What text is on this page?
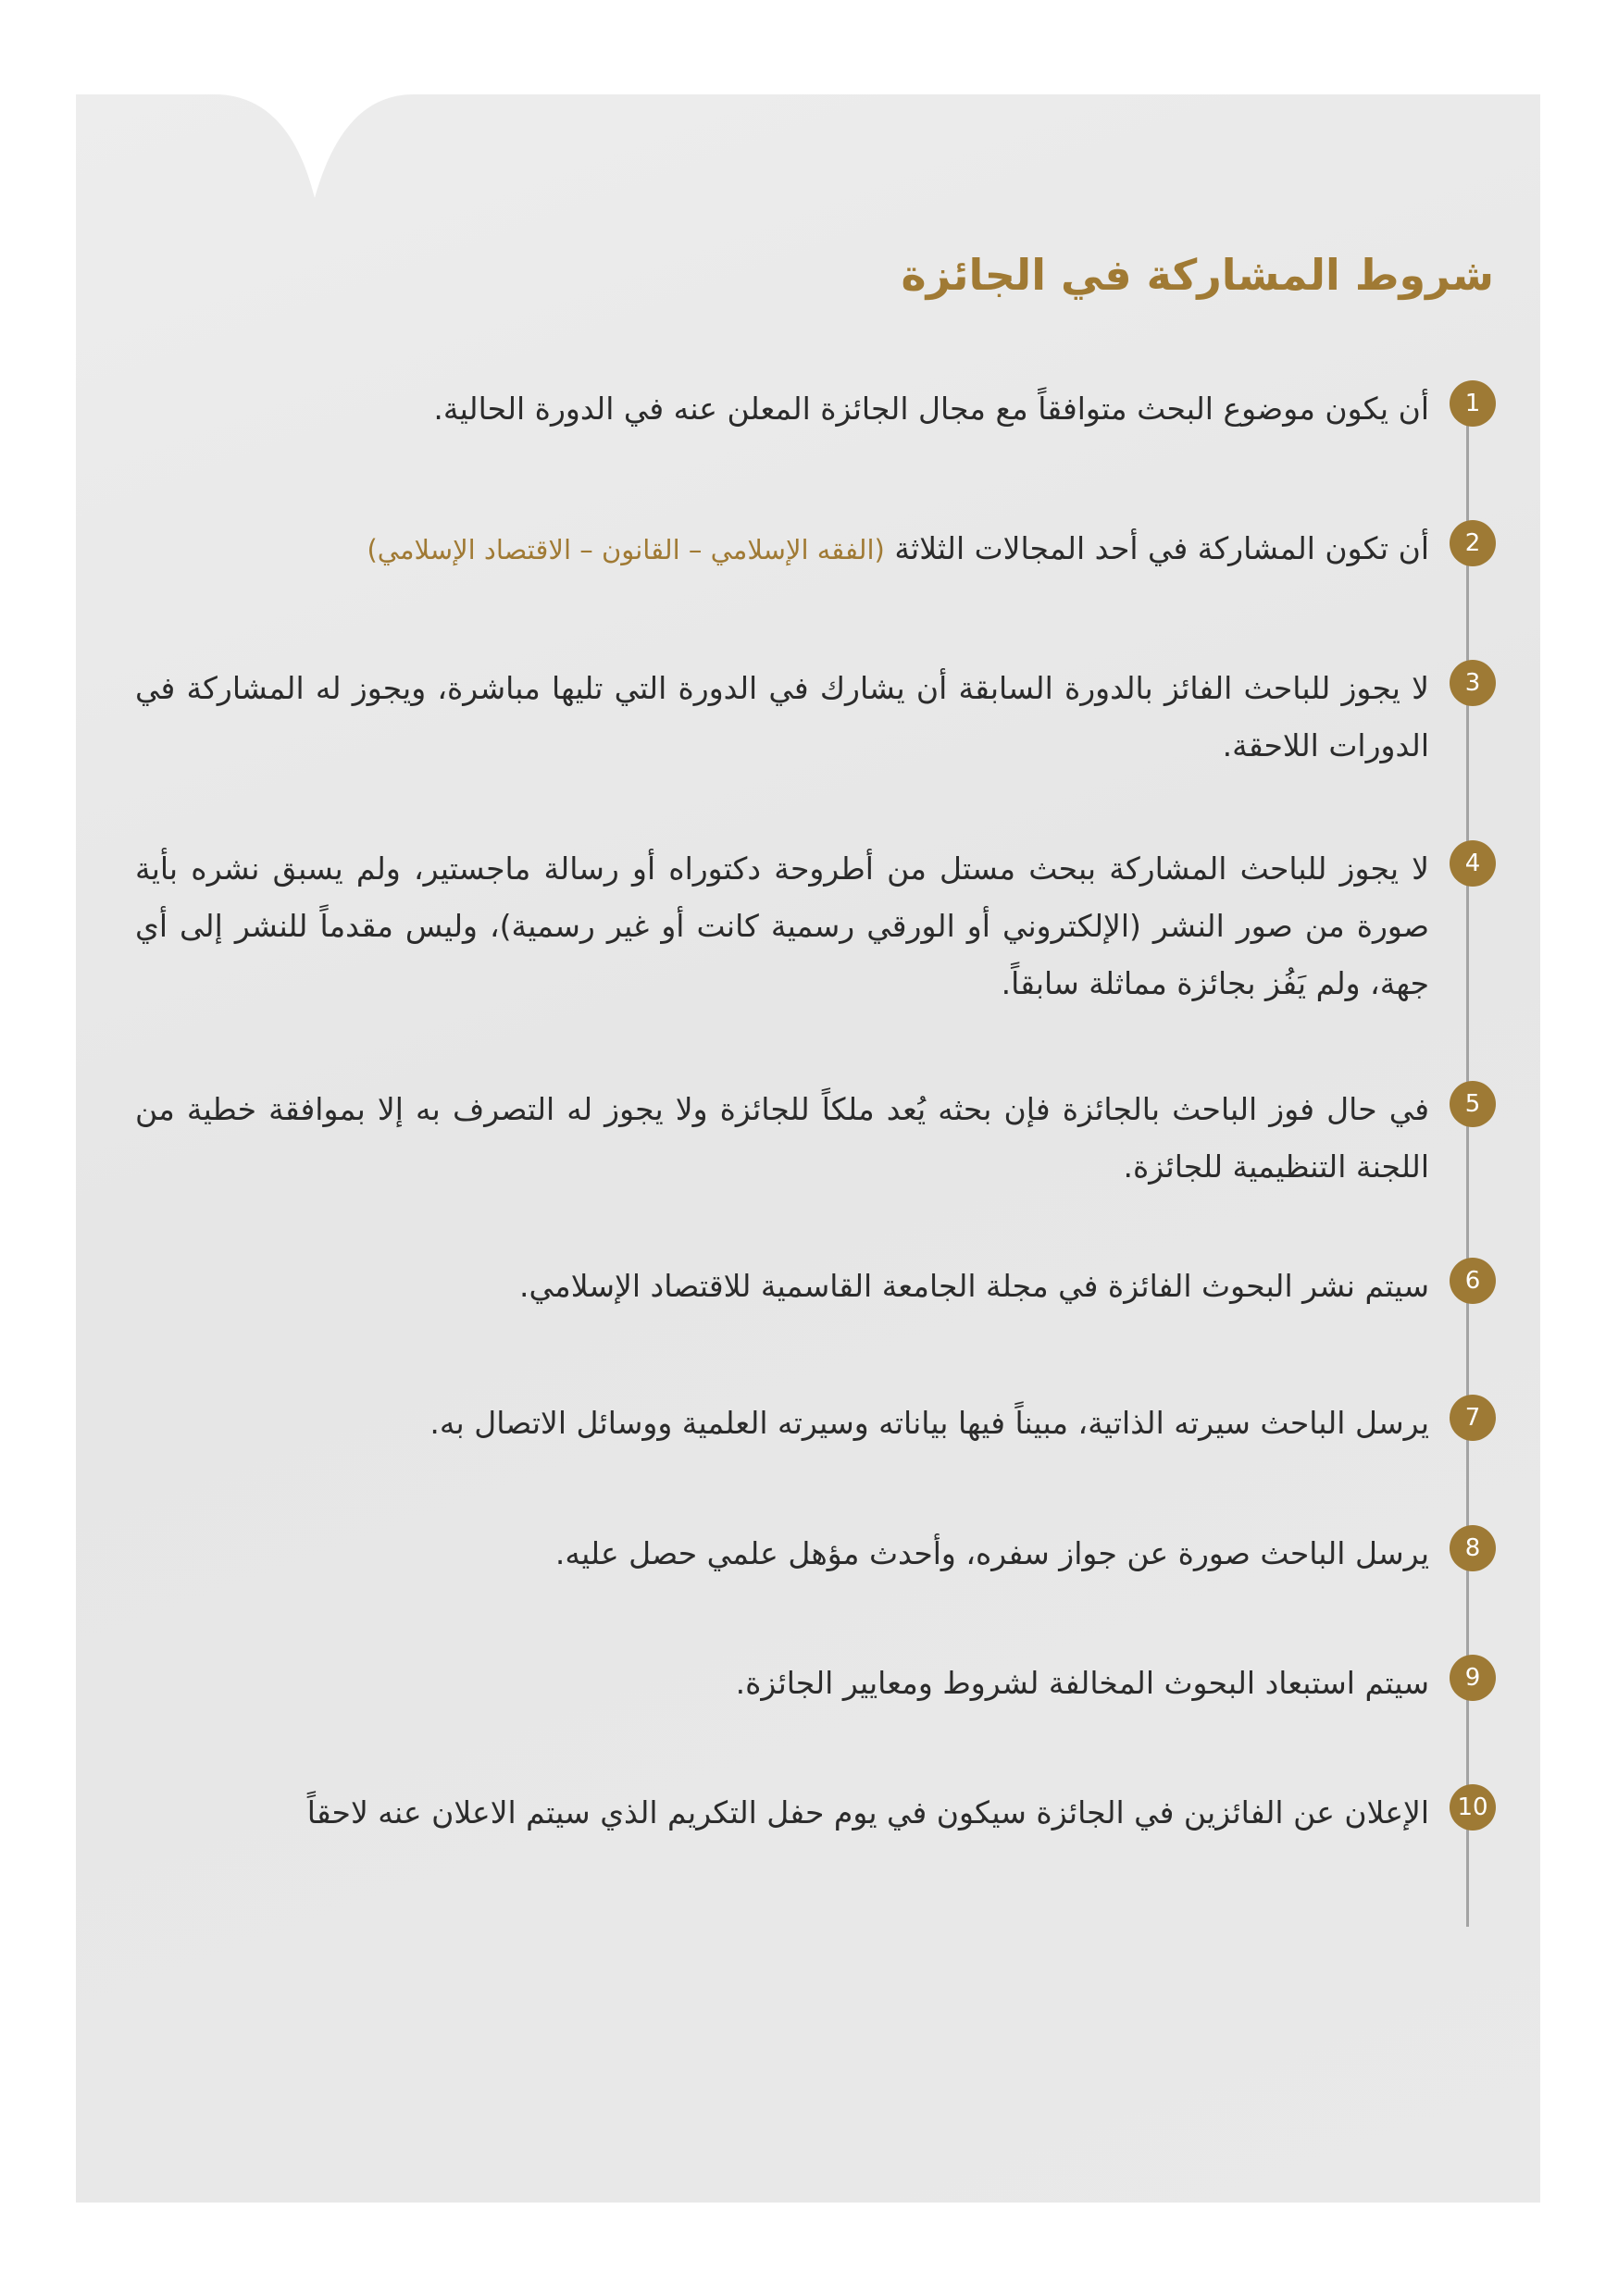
شروط المشاركة في الجائزة
1

أن يكون موضوع البحث متوافقاً مع مجال الجائزة المعلن عنه في الدورة الحالية.

2

أن تكون المشاركة في أحد المجالات الثلاثة (الفقه الإسلامي – القانون – الاقتصاد الإسلامي)

3

لا يجوز للباحث الفائز بالدورة السابقة أن يشارك في الدورة التي تليها مباشرة، ويجوز له المشاركة في الدورات اللاحقة.

4

لا يجوز للباحث المشاركة ببحث مستل من أطروحة دكتوراه أو رسالة ماجستير، ولم يسبق نشره بأية صورة من صور النشر (الإلكتروني أو الورقي رسمية كانت أو غير رسمية)، وليس مقدماً للنشر إلى أي جهة، ولم يَفُز بجائزة مماثلة سابقاً.

5

في حال فوز الباحث بالجائزة فإن بحثه يُعد ملكاً للجائزة ولا يجوز له التصرف به إلا بموافقة خطية من اللجنة التنظيمية للجائزة.

6

سيتم نشر البحوث الفائزة في مجلة الجامعة القاسمية للاقتصاد الإسلامي.

7

يرسل الباحث سيرته الذاتية، مبيناً فيها بياناته وسيرته العلمية ووسائل الاتصال به.

8

يرسل الباحث صورة عن جواز سفره، وأحدث مؤهل علمي حصل عليه.

9

سيتم استبعاد البحوث المخالفة لشروط ومعايير الجائزة.

10

الإعلان عن الفائزين في الجائزة سيكون في يوم حفل التكريم الذي سيتم الاعلان عنه لاحقاً
